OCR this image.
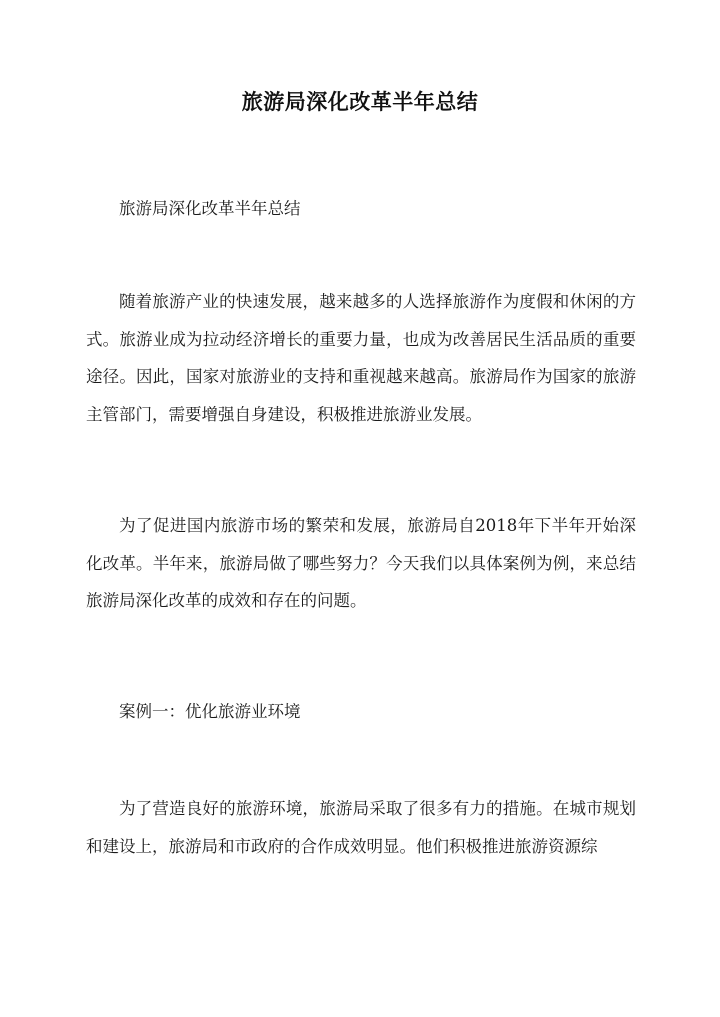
旅游局深化改革半年总结

旅游局深化改革半年总结

随着旅游产业的快速发展，越来越多的人选择旅游作为度假和休闲的方式。旅游业成为拉动经济增长的重要力量，也成为改善居民生活品质的重要途径。因此，国家对旅游业的支持和重视越来越高。旅游局作为国家的旅游主管部门，需要增强自身建设，积极推进旅游业发展。

为了促进国内旅游市场的繁荣和发展，旅游局自2018年下半年开始深化改革。半年来，旅游局做了哪些努力？今天我们以具体案例为例，来总结旅游局深化改革的成效和存在的问题。

案例一：优化旅游业环境

为了营造良好的旅游环境，旅游局采取了很多有力的措施。在城市规划和建设上，旅游局和市政府的合作成效明显。他们积极推进旅游资源综
